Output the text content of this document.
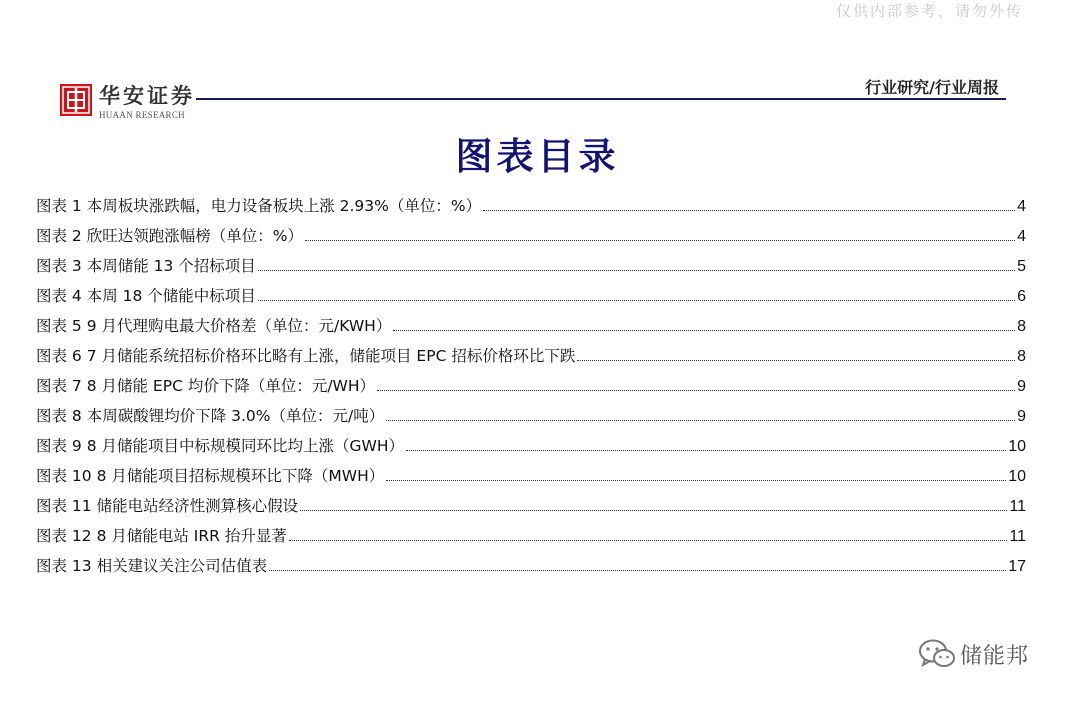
仅供内部参考，请勿外传
华安证券
HUAAN RESEARCH
行业研究/行业周报
图表目录
图表 1 本周板块涨跌幅，电力设备板块上涨 2.93%（单位：%）	4
图表 2 欣旺达领跑涨幅榜（单位：%）	4
图表 3 本周储能 13 个招标项目	5
图表 4 本周 18 个储能中标项目	6
图表 5 9 月代理购电最大价格差（单位：元/KWH）	8
图表 6 7 月储能系统招标价格环比略有上涨，储能项目 EPC 招标价格环比下跌	8
图表 7 8 月储能 EPC 均价下降（单位：元/WH）	9
图表 8 本周碳酸锂均价下降 3.0%（单位：元/吨）	9
图表 9 8 月储能项目中标规模同环比均上涨（GWH）	10
图表 10 8 月储能项目招标规模环比下降（MWH）	10
图表 11 储能电站经济性测算核心假设	11
图表 12 8 月储能电站 IRR 抬升显著	11
图表 13 相关建议关注公司估值表	17
储能邦
